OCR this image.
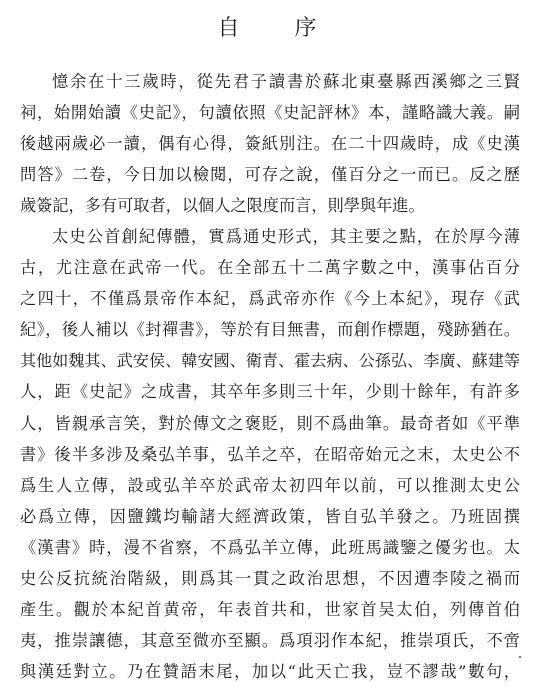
自 序
憶余在十三歲時，從先君子讀書於蘇北東臺縣西溪鄉之三賢
祠，始開始讀《史記》，句讀依照《史記評林》本，謹略識大義。嗣
後越兩歲必一讀，偶有心得，簽紙別注。在二十四歲時，成《史漢
問答》二卷，今日加以檢閱，可存之說，僅百分之一而已。反之歷
歲簽記，多有可取者，以個人之限度而言，則學與年進。
太史公首創紀傳體，實爲通史形式，其主要之點，在於厚今薄
古，尤注意在武帝一代。在全部五十二萬字數之中，漢事佔百分
之四十，不僅爲景帝作本紀，爲武帝亦作《今上本紀》，現存《武
紀》，後人補以《封禪書》，等於有目無書，而創作標題，殘跡猶在。
其他如魏其、武安侯、韓安國、衛青、霍去病、公孫弘、李廣、蘇建等
人，距《史記》之成書，其卒年多則三十年，少則十餘年，有許多
人，皆親承言笑，對於傳文之褒貶，則不爲曲筆。最奇者如《平準
書》後半多涉及桑弘羊事，弘羊之卒，在昭帝始元之末，太史公不
爲生人立傳，設或弘羊卒於武帝太初四年以前，可以推測太史公
必爲立傳，因鹽鐵均輸諸大經濟政策，皆自弘羊發之。乃班固撰
《漢書》時，漫不省察，不爲弘羊立傳，此班馬識鑒之優劣也。太
史公反抗統治階級，則爲其一貫之政治思想，不因遭李陵之禍而
產生。觀於本紀首黄帝，年表首共和，世家首吴太伯，列傳首伯
夷，推崇讓德，其意至微亦至顯。爲項羽作本紀，推崇項氏，不啻
與漢廷對立。乃在贊語末尾，加以“此天亡我，豈不謬哉”數句，
